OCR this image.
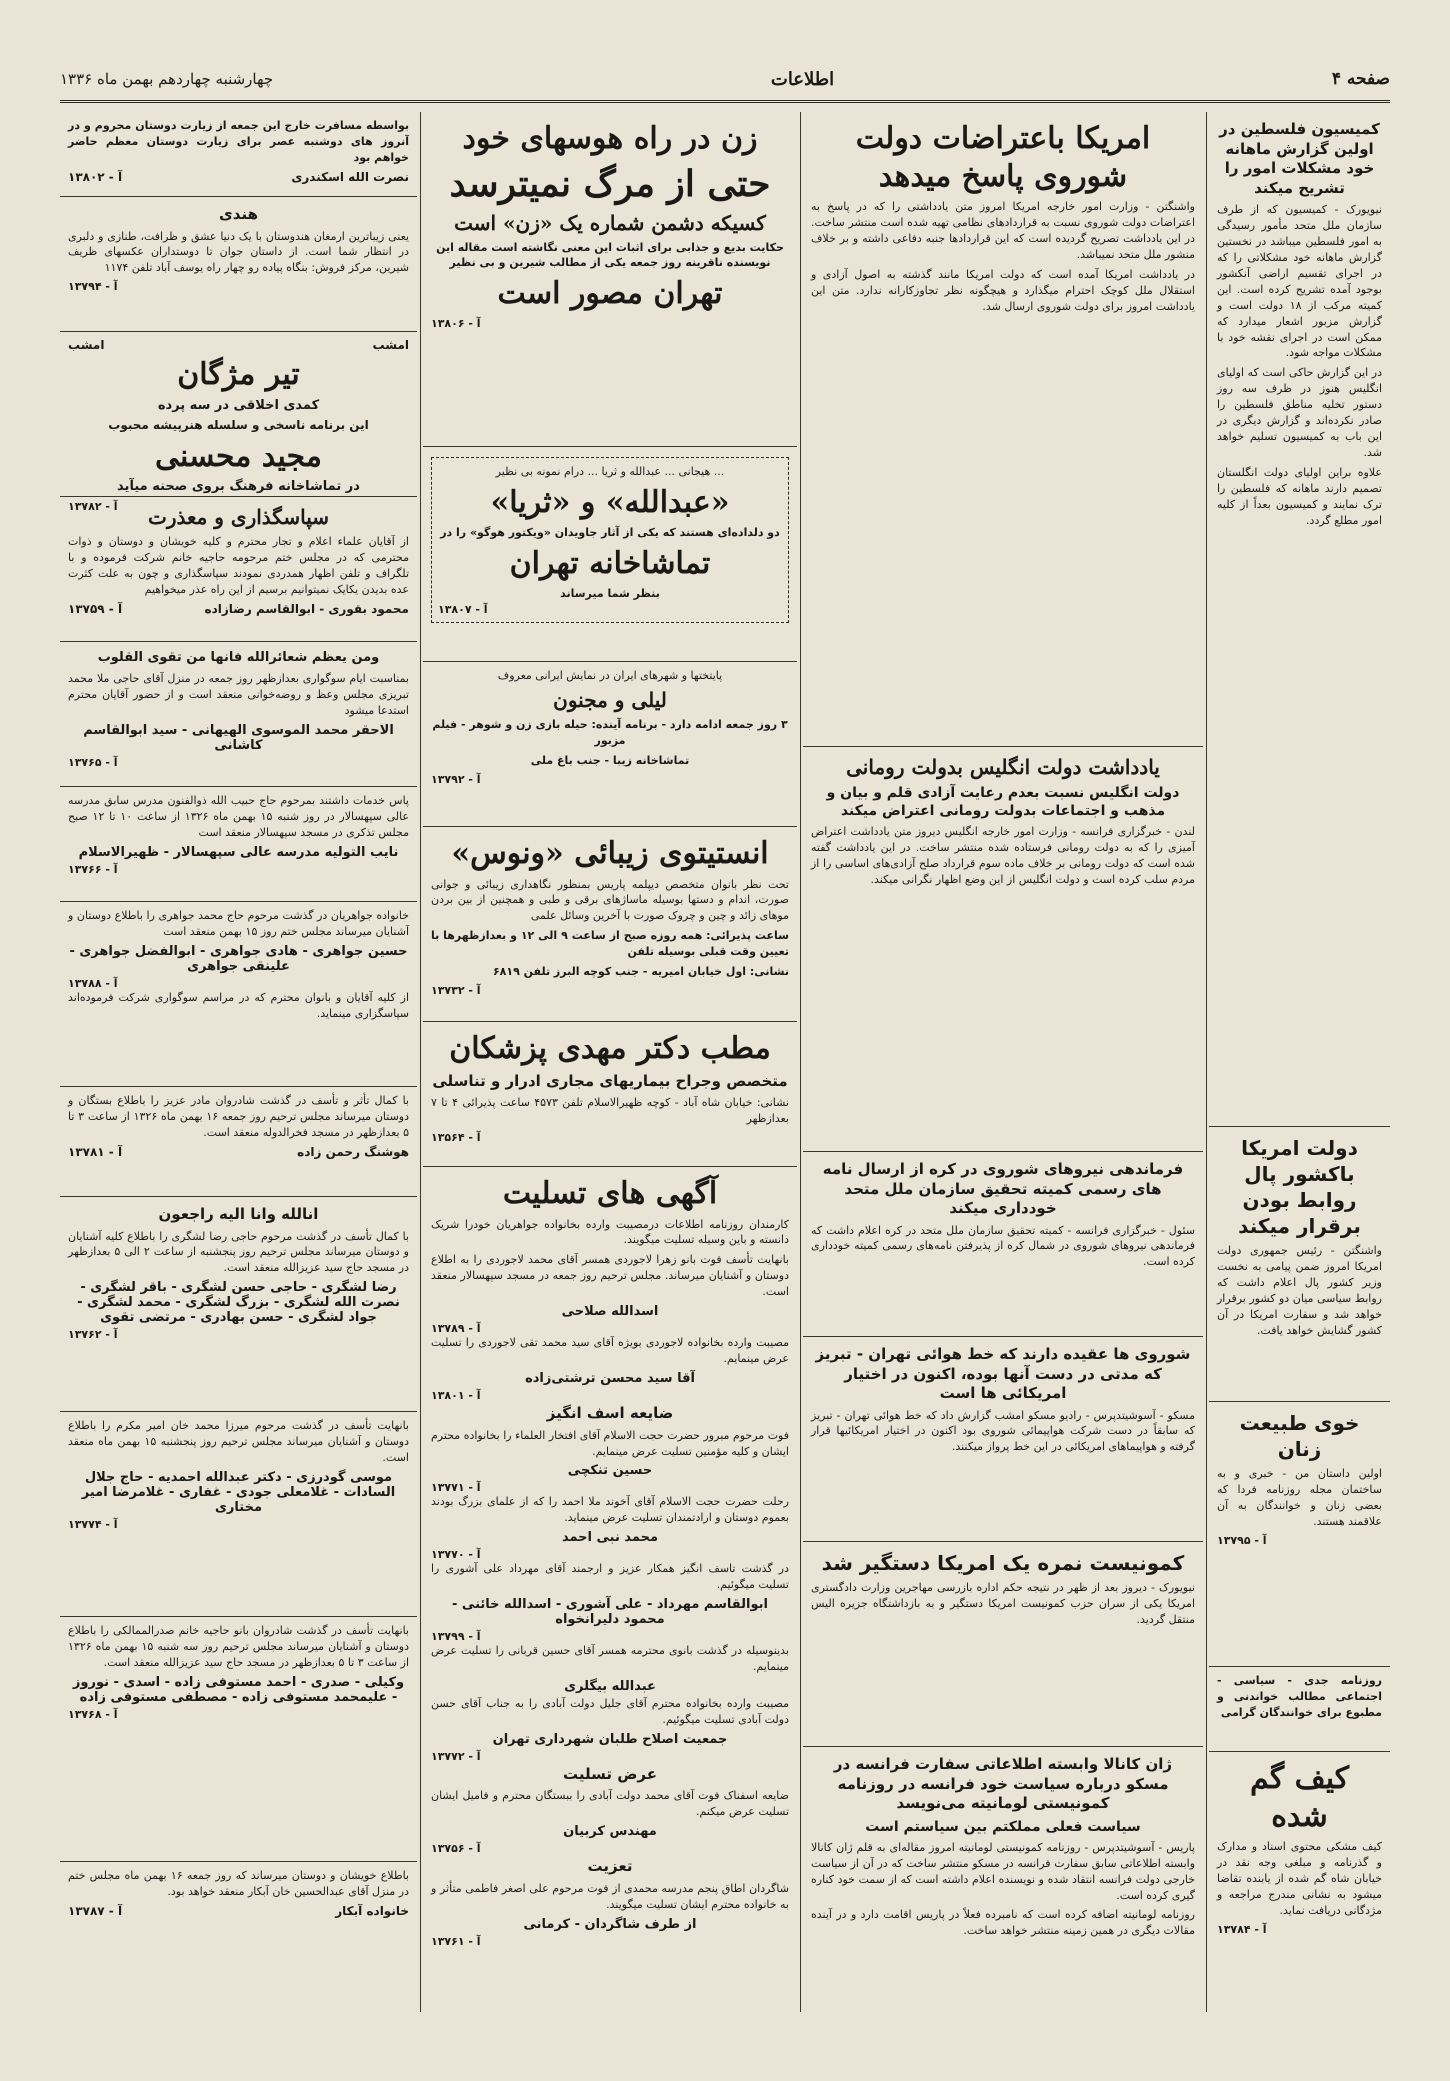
صفحه ۴
اطلاعات
چهارشنبه چهاردهم بهمن ماه ۱۳۳۶
کمیسیون فلسطین در اولین گزارش ماهانه خود مشکلات امور را تشریح میکند

نیویورک - کمیسیون که از طرف سازمان ملل متحد مأمور رسیدگی به امور فلسطین میباشد در نخستین گزارش ماهانه خود مشکلاتی را که در اجرای تقسیم اراضی آنکشور بوجود آمده تشریح کرده است. این کمیته مرکب از ۱۸ دولت است و گزارش مزبور اشعار میدارد که ممکن است در اجرای نقشه خود با مشکلات مواجه شود.

در این گزارش حاکی است که اولیای انگلیس هنوز در ظرف سه روز دستور تخلیه مناطق فلسطین را صادر نکرده‌اند و گزارش دیگری در این باب به کمیسیون تسلیم خواهد شد.

علاوه براین اولیای دولت انگلستان تصمیم دارند ماهانه که فلسطین را ترک نمایند و کمیسیون بعداً از کلیه امور مطلع گردد.

دولت امریکا باکشور پال روابط بودن برقرار میکند

واشنگتن - رئیس جمهوری دولت امریکا امروز ضمن پیامی به نخست وزیر کشور پال اعلام داشت که روابط سیاسی میان دو کشور برقرار خواهد شد و سفارت امریکا در آن کشور گشایش خواهد یافت.

خوی طبیعت زنان

اولین داستان من - خبری و به ساختمان مجله روزنامه فردا که بعضی زنان و خوانندگان به آن علاقمند هستند.

آ - ۱۳۷۹۵

روزنامه جدی - سیاسی - اجتماعی مطالب خواندنی و مطبوع برای خوانندگان گرامی

کیف گم شده

کیف مشکی محتوی اسناد و مدارک و گذرنامه و مبلغی وجه نقد در خیابان شاه گم شده از یابنده تقاضا میشود به نشانی مندرج مراجعه و مژدگانی دریافت نماید.

آ - ۱۳۷۸۴
امریکا باعتراضات دولت شوروی پاسخ میدهد

واشنگتن - وزارت امور خارجه امریکا امروز متن یادداشتی را که در پاسخ به اعتراضات دولت شوروی نسبت به قراردادهای نظامی تهیه شده است منتشر ساخت. در این یادداشت تصریح گردیده است که این قراردادها جنبه دفاعی داشته و بر خلاف منشور ملل متحد نمیباشد.

در یادداشت امریکا آمده است که دولت امریکا مانند گذشته به اصول آزادی و استقلال ملل کوچک احترام میگذارد و هیچگونه نظر تجاوزکارانه ندارد. متن این یادداشت امروز برای دولت شوروی ارسال شد.

یادداشت دولت انگلیس بدولت رومانی
دولت انگلیس نسبت بعدم رعایت آزادی قلم و بیان و مذهب و اجتماعات بدولت رومانی اعتراض میکند

لندن - خبرگزاری فرانسه - وزارت امور خارجه انگلیس دیروز متن یادداشت اعتراض آمیزی را که به دولت رومانی فرستاده شده منتشر ساخت. در این یادداشت گفته شده است که دولت رومانی بر خلاف ماده سوم قرارداد صلح آزادی‌های اساسی را از مردم سلب کرده است و دولت انگلیس از این وضع اظهار نگرانی میکند.

فرماندهی نیروهای شوروی در کره از ارسال نامه های رسمی کمیته تحقیق سازمان ملل متحد خودداری میکند

سئول - خبرگزاری فرانسه - کمیته تحقیق سازمان ملل متحد در کره اعلام داشت که فرماندهی نیروهای شوروی در شمال کره از پذیرفتن نامه‌های رسمی کمیته خودداری کرده است.

شوروی ها عقیده دارند که خط هوائی تهران - تبریز که مدتی در دست آنها بوده، اکنون در اختیار امریکائی ها است

مسکو - آسوشیتدپرس - رادیو مسکو امشب گزارش داد که خط هوائی تهران - تبریز که سابقاً در دست شرکت هواپیمائی شوروی بود اکنون در اختیار امریکائیها قرار گرفته و هواپیماهای امریکائی در این خط پرواز میکنند.

کمونیست نمره یک امریکا دستگیر شد

نیویورک - دیروز بعد از ظهر در نتیجه حکم اداره بازرسی مهاجرین وزارت دادگستری امریکا یکی از سران حزب کمونیست امریکا دستگیر و به بازداشتگاه جزیره الیس منتقل گردید.

ژان کانالا وابسته اطلاعاتی سفارت فرانسه در مسکو درباره سیاست خود فرانسه در روزنامه کمونیستی لومانیته می‌نویسد
سیاست فعلی مملکتم بین سیاستم است

پاریس - آسوشیتدپرس - روزنامه کمونیستی لومانیته امروز مقاله‌ای به قلم ژان کانالا وابسته اطلاعاتی سابق سفارت فرانسه در مسکو منتشر ساخت که در آن از سیاست خارجی دولت فرانسه انتقاد شده و نویسنده اعلام داشته است که از سمت خود کناره گیری کرده است.

روزنامه لومانیته اضافه کرده است که نامبرده فعلاً در پاریس اقامت دارد و در آینده مقالات دیگری در همین زمینه منتشر خواهد ساخت.

زن در راه هوسهای خود
حتی از مرگ نمیترسد
کسیکه دشمن شماره یک «زن» است

حکایت بدیع و جذابی برای اثبات این معنی نگاشته است مقاله این نویسنده ناقرینه روز جمعه یکی از مطالب شیرین و بی نظیر

تهران مصور است
آ - ۱۳۸۰۶

... هیجانی ... عبدالله و ثریا ... درام نمونه بی نظیر

«عبدالله» و «ثریا»

دو دلداده‌ای هستند که یکی از آثار جاویدان «ویکتور هوگو» را در

تماشاخانه تهران
بنظر شما میرساند
آ - ۱۳۸۰۷

پایتختها و شهرهای ایران در نمایش ایرانی معروف

لیلی و مجنون

۳ روز جمعه ادامه دارد - برنامه آینده: حیله بازی زن و شوهر - فیلم مزبور

تماشاخانه زیبا - جنب باغ ملی

آ - ۱۳۷۹۲
انستیتوی زیبائی «ونوس»

تحت نظر بانوان متخصص دیپلمه پاریس بمنظور نگاهداری زیبائی و جوانی صورت، اندام و دستها بوسیله ماساژهای برقی و طبی و همچنین از بین بردن موهای زائد و چین و چروک صورت با آخرین وسائل علمی

ساعت پذیرائی: همه روزه صبح از ساعت ۹ الی ۱۲ و بعدازظهرها با تعیین وقت قبلی بوسیله تلفن

نشانی: اول خیابان امیریه - جنب کوچه البرز تلفن ۶۸۱۹

آ - ۱۳۷۳۲
مطب دکتر مهدی پزشکان
متخصص وجراح بیماریهای مجاری ادرار و تناسلی

نشانی: خیابان شاه آباد - کوچه ظهیرالاسلام تلفن ۴۵۷۳ ساعت پذیرائی ۴ تا ۷ بعدازظهر

آ - ۱۳۵۶۴
آگهی های تسلیت

کارمندان روزنامه اطلاعات درمصیبت وارده بخانواده جواهریان خودرا شریک دانسته و باین وسیله تسلیت میگویند.

بانهایت تأسف فوت بانو زهرا لاجوردی همسر آقای محمد لاجوردی را به اطلاع دوستان و آشنایان میرساند. مجلس ترحیم روز جمعه در مسجد سپهسالار منعقد است.

اسدالله صلاحی
آ - ۱۳۷۸۹

مصیبت وارده بخانواده لاجوردی بویژه آقای سید محمد تقی لاجوردی را تسلیت عرض مینمایم.

آقا سید محسن ترشتی‌زاده
آ - ۱۳۸۰۱
ضایعه اسف انگیز

فوت مرحوم مبرور حضرت حجت الاسلام آقای افتخار العلماء را بخانواده محترم ایشان و کلیه مؤمنین تسلیت عرض مینمایم.

حسین تنکچی
آ - ۱۳۷۷۱

رحلت حضرت حجت الاسلام آقای آخوند ملا احمد را که از علمای بزرگ بودند بعموم دوستان و ارادتمندان تسلیت عرض مینماید.

محمد نبی احمد
آ - ۱۳۷۷۰

در گذشت تاسف انگیز همکار عزیز و ارجمند آقای مهرداد علی آشوری را تسلیت میگوئیم.

ابوالقاسم مهرداد - علی آشوری - اسدالله خائنی - محمود دلیرانخواه
آ - ۱۳۷۹۹

بدینوسیله در گذشت بانوی محترمه همسر آقای حسین قربانی را تسلیت عرض مینمایم.

عبدالله بیگلری

مصیبت وارده بخانواده محترم آقای جلیل دولت آبادی را به جناب آقای حسن دولت آبادی تسلیت میگوئیم.

جمعیت اصلاح طلبان شهرداری تهران
آ - ۱۳۷۷۲
عرض تسلیت

ضایعه اسفناک فوت آقای محمد دولت آبادی را ببستگان محترم و فامیل ایشان تسلیت عرض میکنم.

مهندس کربیان
آ - ۱۳۷۵۶
تعزیت

شاگردان اطاق پنجم مدرسه محمدی از فوت مرحوم علی اصغر فاطمی متأثر و به خانواده محترم ایشان تسلیت میگویند.

از طرف شاگردان - کرمانی
آ - ۱۳۷۶۱

بواسطه مسافرت خارج این جمعه از زیارت دوستان محروم و در آنروز های دوشنبه عصر برای زیارت دوستان معظم حاضر خواهم بود

نصرت الله اسکندری
آ - ۱۳۸۰۲
هندی

یعنی زیباترین ارمغان هندوستان با یک دنیا عشق و ظرافت، طنازی و دلبری در انتظار شما است. از داستان جوان تا دوستداران عکسهای ظریف شیرین، مرکز فروش: بنگاه پیاده رو چهار راه یوسف آباد تلفن ۱۱۷۴

آ - ۱۳۷۹۴
امشب
امشب
تیر مژگان
کمدی اخلاقی در سه پرده
این برنامه ناسخی و سلسله هنرپیشه محبوب
مجید محسنی
در تماشاخانه فرهنگ بروی صحنه میآید
آ - ۱۳۷۸۲	سپاسگذاری و معذرت

از آقایان علماء اعلام و تجار محترم و کلیه خویشان و دوستان و ذوات محترمی که در مجلس ختم مرحومه حاجیه خانم شرکت فرموده و با تلگراف و تلفن اظهار همدردی نمودند سپاسگذاری و چون به علت کثرت عده بدیدن یکایک نمیتوانیم برسیم از این راه عذر میخواهیم

محمود بقوری - ابوالقاسم رضازاده
آ - ۱۳۷۵۹
ومن یعظم شعائرالله فانها من تقوی القلوب

بمناسبت ایام سوگواری بعدازظهر روز جمعه در منزل آقای حاجی ملا محمد تبریزی مجلس وعظ و روضه‌خوانی منعقد است و از حضور آقایان محترم استدعا میشود

الاحقر محمد الموسوی الهیهانی - سید ابوالقاسم کاشانی
آ - ۱۳۷۶۵

پاس خدمات داشتند بمرحوم حاج حبیب الله ذوالفنون مدرس سابق مدرسه عالی سپهسالار در روز شنبه ۱۵ بهمن ماه ۱۳۲۶ از ساعت ۱۰ تا ۱۲ صبح مجلس تذکری در مسجد سپهسالار منعقد است

نایب التولیه مدرسه عالی سپهسالار - ظهیرالاسلام
آ - ۱۳۷۶۶

خانواده جواهریان در گذشت مرحوم حاج محمد جواهری را باطلاع دوستان و آشنایان میرساند مجلس ختم روز ۱۵ بهمن منعقد است

حسین جواهری - هادی جواهری - ابوالفضل جواهری - علینقی جواهری
آ - ۱۳۷۸۸

از کلیه آقایان و بانوان محترم که در مراسم سوگواری شرکت فرموده‌اند سپاسگزاری مینماید.

با کمال تأثر و تأسف در گذشت شادروان مادر عزیز را باطلاع بستگان و دوستان میرساند مجلس ترحیم روز جمعه ۱۶ بهمن ماه ۱۳۲۶ از ساعت ۳ تا ۵ بعدازظهر در مسجد فخرالدوله منعقد است.

هوشنگ رحمن زاده
آ - ۱۳۷۸۱
انالله وانا الیه راجعون

با کمال تأسف در گذشت مرحوم حاجی رضا لشگری را باطلاع کلیه آشنایان و دوستان میرساند مجلس ترحیم روز پنجشنبه از ساعت ۲ الی ۵ بعدازظهر در مسجد حاج سید عزیزالله منعقد است.

رضا لشگری - حاجی حسن لشگری - باقر لشگری - نصرت الله لشگری - بزرگ لشگری - محمد لشگری - جواد لشگری - حسن بهادری - مرتضی تقوی
آ - ۱۳۷۶۲

بانهایت تأسف در گذشت مرحوم میرزا محمد خان امیر مکرم را باطلاع دوستان و آشنایان میرساند مجلس ترحیم روز پنجشنبه ۱۵ بهمن ماه منعقد است.

موسی گودرزی - دکتر عبدالله احمدیه - حاج جلال السادات - غلامعلی جودی - غفاری - غلامرضا امیر مختاری
آ - ۱۳۷۷۴

بانهایت تأسف در گذشت شادروان بانو حاجیه خانم صدرالممالکی را باطلاع دوستان و آشنایان میرساند مجلس ترحیم روز سه شنبه ۱۵ بهمن ماه ۱۳۲۶ از ساعت ۳ تا ۵ بعدازظهر در مسجد حاج سید عزیزالله منعقد است.

وکیلی - صدری - احمد مستوفی زاده - اسدی - نوروز - علیمحمد مستوفی زاده - مصطفی مستوفی زاده
آ - ۱۳۷۶۸

باطلاع خویشان و دوستان میرساند که روز جمعه ۱۶ بهمن ماه مجلس ختم در منزل آقای عبدالحسین خان آبکار منعقد خواهد بود.

خانواده آبکار
آ - ۱۳۷۸۷
